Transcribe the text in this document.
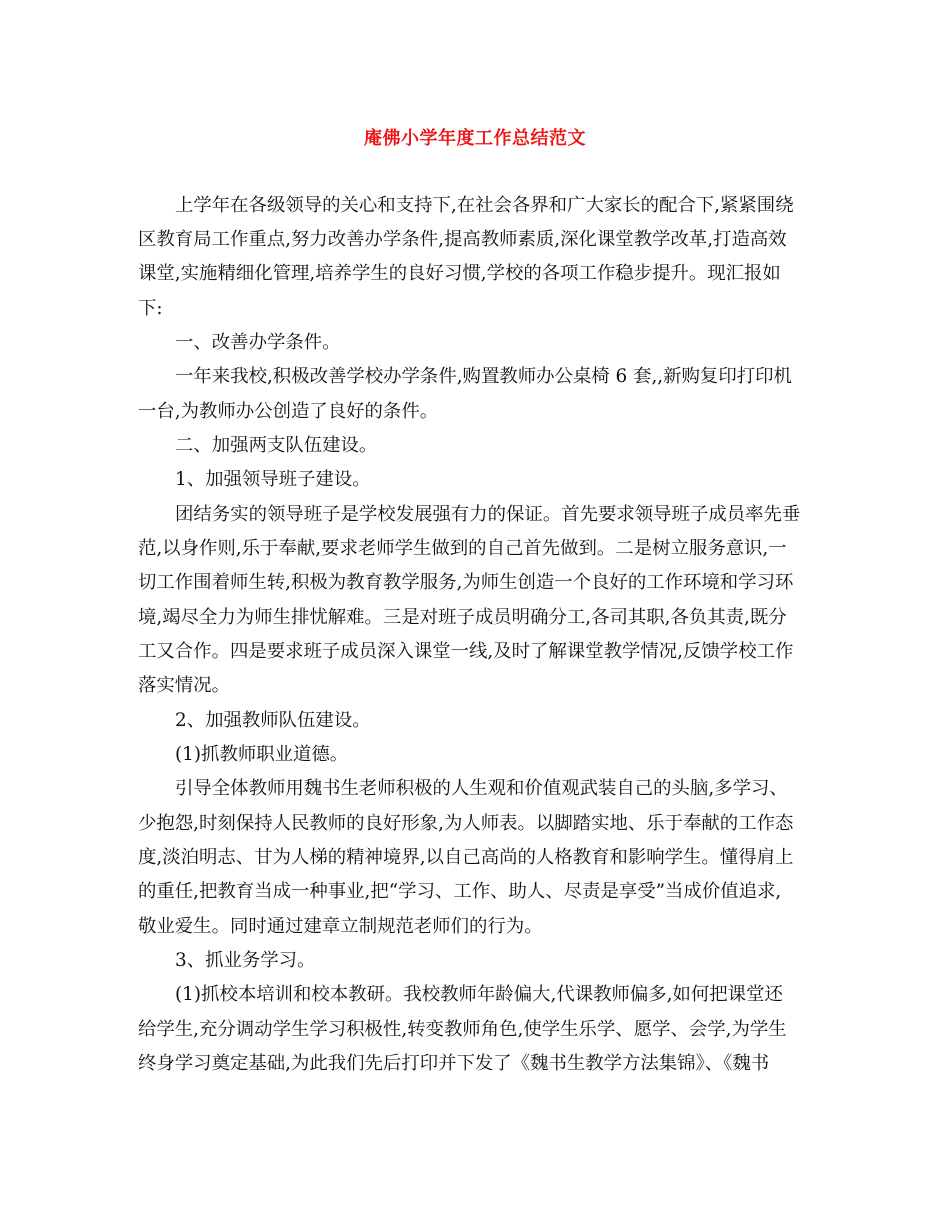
庵佛小学年度工作总结范文

上学年在各级领导的关心和支持下,在社会各界和广大家长的配合下,紧紧围绕

区教育局工作重点,努力改善办学条件,提高教师素质,深化课堂教学改革,打造高效

课堂,实施精细化管理,培养学生的良好习惯,学校的各项工作稳步提升。现汇报如

下:

一、改善办学条件。

一年来我校,积极改善学校办学条件,购置教师办公桌椅 6 套,,新购复印打印机

一台,为教师办公创造了良好的条件。

二、加强两支队伍建设。

1、加强领导班子建设。

团结务实的领导班子是学校发展强有力的保证。首先要求领导班子成员率先垂

范,以身作则,乐于奉献,要求老师学生做到的自己首先做到。二是树立服务意识,一

切工作围着师生转,积极为教育教学服务,为师生创造一个良好的工作环境和学习环

境,竭尽全力为师生排忧解难。三是对班子成员明确分工,各司其职,各负其责,既分

工又合作。四是要求班子成员深入课堂一线,及时了解课堂教学情况,反馈学校工作

落实情况。

2、加强教师队伍建设。

(1)抓教师职业道德。

引导全体教师用魏书生老师积极的人生观和价值观武装自己的头脑,多学习、

少抱怨,时刻保持人民教师的良好形象,为人师表。以脚踏实地、乐于奉献的工作态

度,淡泊明志、甘为人梯的精神境界,以自己高尚的人格教育和影响学生。懂得肩上

的重任,把教育当成一种事业,把“学习、工作、助人、尽责是享受”当成价值追求,

敬业爱生。同时通过建章立制规范老师们的行为。

3、抓业务学习。

(1)抓校本培训和校本教研。我校教师年龄偏大,代课教师偏多,如何把课堂还

给学生,充分调动学生学习积极性,转变教师角色,使学生乐学、愿学、会学,为学生

终身学习奠定基础,为此我们先后打印并下发了《魏书生教学方法集锦》、《魏书
